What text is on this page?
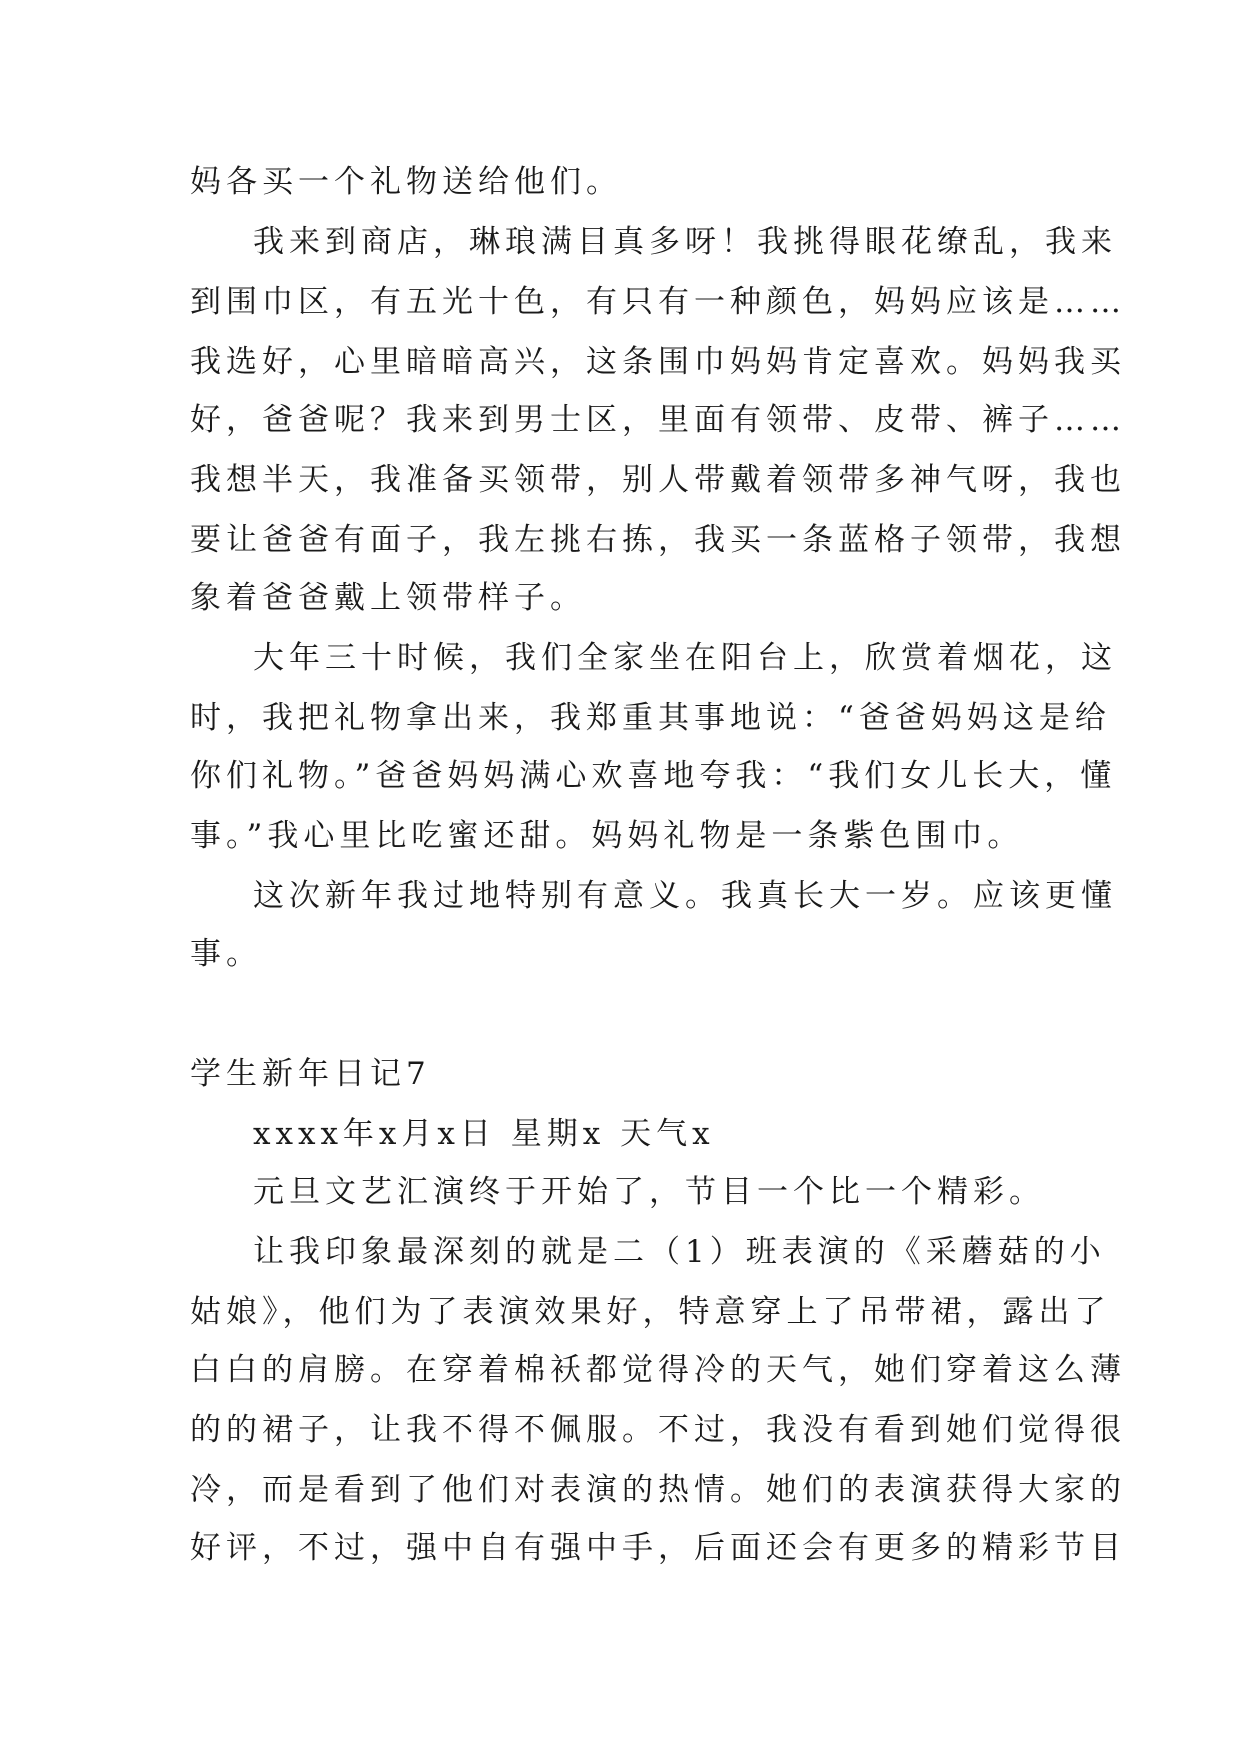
妈各买一个礼物送给他们。

我来到商店，琳琅满目真多呀！我挑得眼花缭乱，我来

到围巾区，有五光十色，有只有一种颜色，妈妈应该是……

我选好，心里暗暗高兴，这条围巾妈妈肯定喜欢。妈妈我买

好，爸爸呢？我来到男士区，里面有领带、皮带、裤子……

我想半天，我准备买领带，别人带戴着领带多神气呀，我也

要让爸爸有面子，我左挑右拣，我买一条蓝格子领带，我想

象着爸爸戴上领带样子。

大年三十时候，我们全家坐在阳台上，欣赏着烟花，这

时，我把礼物拿出来，我郑重其事地说：“爸爸妈妈这是给

你们礼物。”爸爸妈妈满心欢喜地夸我：“我们女儿长大，懂

事。”我心里比吃蜜还甜。妈妈礼物是一条紫色围巾。

这次新年我过地特别有意义。我真长大一岁。应该更懂

事。

学生新年日记7

xxxx年x月x日 星期x 天气x

元旦文艺汇演终于开始了，节目一个比一个精彩。

让我印象最深刻的就是二（1）班表演的《采蘑菇的小

姑娘》，他们为了表演效果好，特意穿上了吊带裙，露出了

白白的肩膀。在穿着棉袄都觉得冷的天气，她们穿着这么薄

的的裙子，让我不得不佩服。不过，我没有看到她们觉得很

冷，而是看到了他们对表演的热情。她们的表演获得大家的

好评，不过，强中自有强中手，后面还会有更多的精彩节目
